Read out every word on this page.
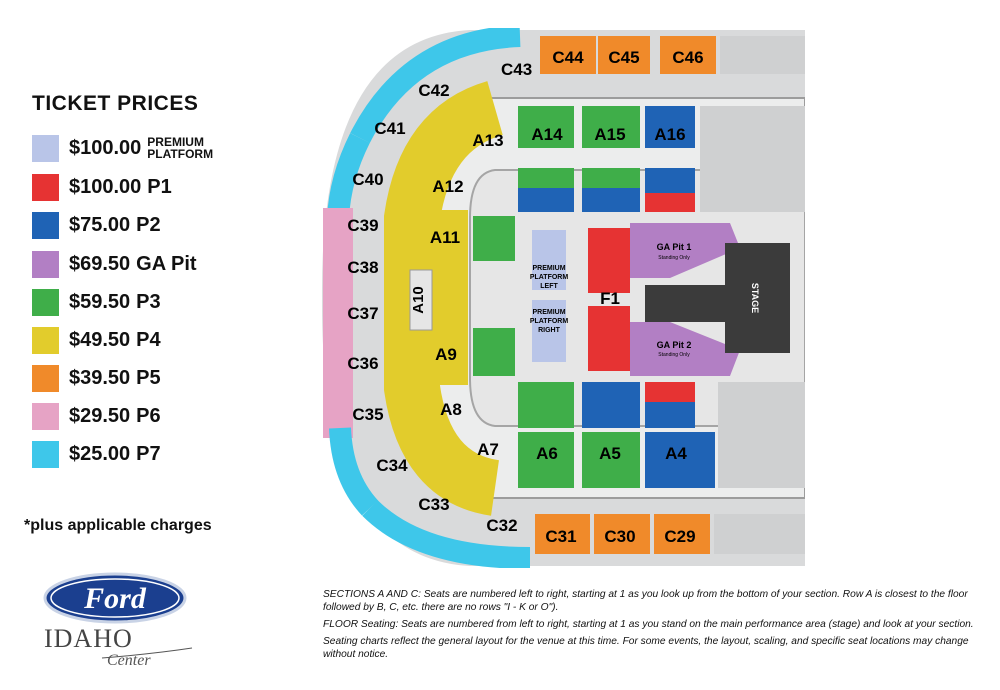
TICKET PRICES
$100.00 PREMIUM
PLATFORM
$100.00 P1
$75.00 P2
$69.50 GA Pit
$59.50 P3
$49.50 P4
$39.50 P5
$29.50 P6
$25.00 P7
*plus applicable charges
Ford
IDAHO
Center

SECTIONS A AND C: Seats are numbered left to right, starting at 1 as you look up from the bottom of your section. Row A is closest to the floor followed by B, C, etc. there are no rows "I - K or O").

FLOOR Seating: Seats are numbered from left to right, starting at 1 as you stand on the main performance area (stage) and look at your section.

Seating charts reflect the general layout for the venue at this time. For some events, the layout, scaling, and specific seat locations may change without notice.

C43
C44 C45 C46
C42
C41
C40
C39
C38
C37
C36
C35
C34
C33
C32
C31 C30 C29
A13 A14 A15 A16
A12
A11
A10
A9
A8
A7 A6 A5	A4
F1
PREMIUM
PLATFORM
LEFT
PREMIUM
PLATFORM
RIGHT
GA Pit 1
Standing Only
GA Pit 2
Standing Only
STAGE
